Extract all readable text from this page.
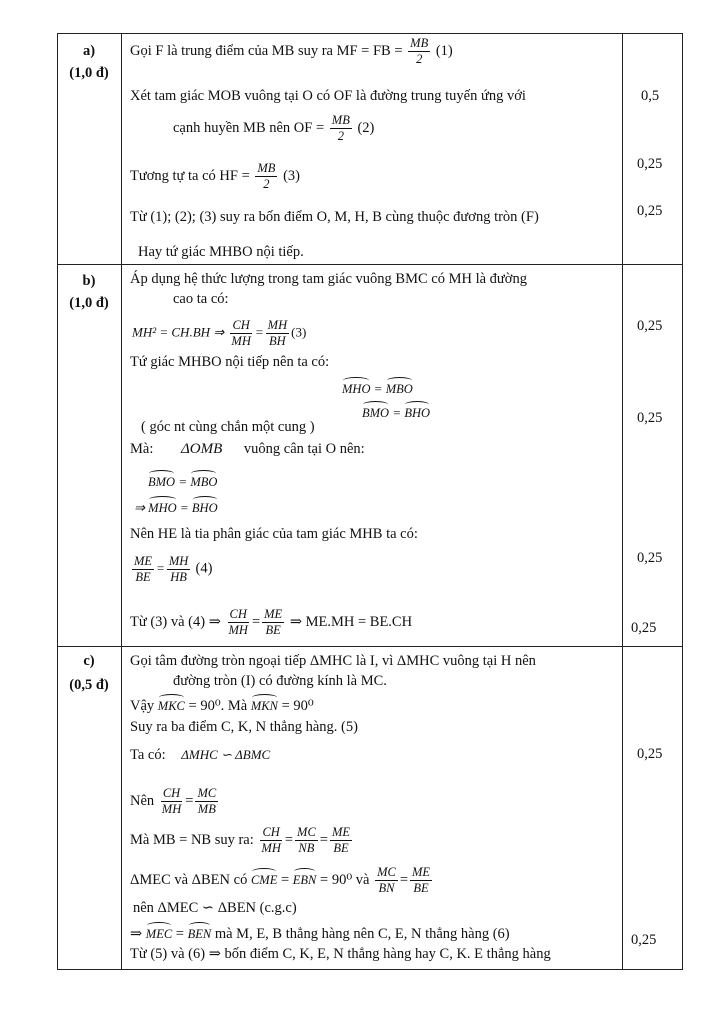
a)
(1,0 đ)
Gọi F là trung điểm của MB suy ra MF = FB = $\frac{MB}{2} (1)$
Xét tam giác MOB vuông tại O có OF là đường trung tuyến ứng với
cạnh huyền MB nên OF = $\frac{MB}{2} (2)$
Tương tự ta có HF = $\frac{MB}{2} (3)$
Từ (1); (2); (3) suy ra bốn điểm O, M, H, B cùng thuộc đương tròn (F)
Hay tứ giác MHBO nội tiếp.
0,5
0,25
0,25
b)
(1,0 đ)
Áp dụng hệ thức lượng trong tam giác vuông BMC có MH là đường
cao ta có:
MH² = CH.BH ⇒ $\frac{CH}{MH} = \frac{MH}{BH} (3)$
Tứ giác MHBO nội tiếp nên ta có:
MHO = MBO
BMO = BHO
( góc nt cùng chắn một cung )
Mà: ΔOMB vuông cân tại O nên:
BMO = MBO
⇒ MHO = BHO
Nên HE là tia phân giác của tam giác MHB ta có:
$\frac{ME}{BE} = \frac{MH}{HB} (4)$
Từ (3) và (4) ⇒ $\frac{CH}{MH} = \frac{ME}{BE}$ ⇒ ME.MH = BE.CH
0,25
0,25
0,25
0,25
c)
(0,5 đ)
Gọi tâm đường tròn ngoại tiếp ΔMHC là I, vì ΔMHC vuông tại H nên
đường tròn (I) có đường kính là MC.
Vậy MKC = 90⁰. Mà MKN = 90⁰
Suy ra ba điểm C, K, N thẳng hàng. (5)
Ta có: ΔMHC ∽ ΔBMC
Nên $\frac{CH}{MH} = \frac{MC}{MB}$
Mà MB = NB suy ra: $\frac{CH}{MH} = \frac{MC}{NB} = \frac{ME}{BE}$
ΔMEC và ΔBEN có CME = EBN = 90⁰ và $\frac{MC}{BN} = \frac{ME}{BE}$
nên ΔMEC ∽ ΔBEN (c.g.c)
⇒ MEC = BEN mà M, E, B thẳng hàng nên C, E, N thẳng hàng (6)
Từ (5) và (6) ⇒ bốn điểm C, K, E, N thẳng hàng hay C, K. E thẳng hàng
0,25
0,25
